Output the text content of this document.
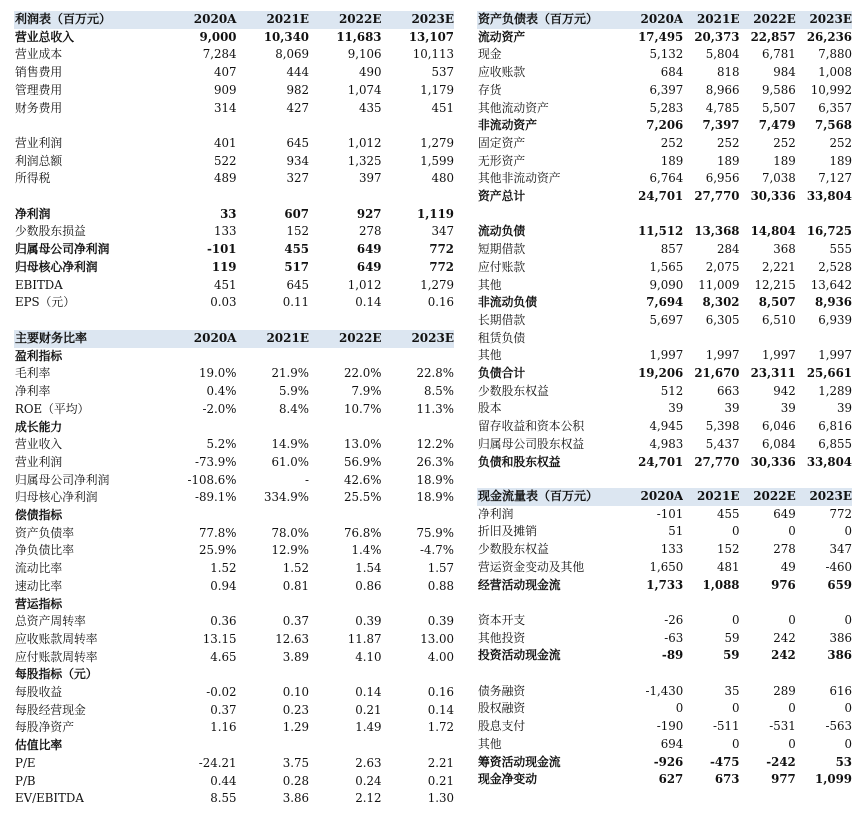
利润表（百万元）	2020A	2021E	2022E	2023E
营业总收入	9,000	10,340	11,683	13,107
营业成本	7,284	8,069	9,106	10,113
销售费用	407	444	490	537
管理费用	909	982	1,074	1,179
财务费用	314	427	435	451

营业利润	401	645	1,012	1,279
利润总额	522	934	1,325	1,599
所得税	489	327	397	480

净利润	33	607	927	1,119
少数股东损益	133	152	278	347
归属母公司净利润	-101	455	649	772
归母核心净利润	119	517	649	772
EBITDA	451	645	1,012	1,279
EPS（元）	0.03	0.11	0.14	0.16
主要财务比率	2020A	2021E	2022E	2023E
盈利指标				
毛利率	19.0%	21.9%	22.0%	22.8%
净利率	0.4%	5.9%	7.9%	8.5%
ROE（平均）	-2.0%	8.4%	10.7%	11.3%
成长能力				
营业收入	5.2%	14.9%	13.0%	12.2%
营业利润	-73.9%	61.0%	56.9%	26.3%
归属母公司净利润	-108.6%	-	42.6%	18.9%
归母核心净利润	-89.1%	334.9%	25.5%	18.9%
偿债指标				
资产负债率	77.8%	78.0%	76.8%	75.9%
净负债比率	25.9%	12.9%	1.4%	-4.7%
流动比率	1.52	1.52	1.54	1.57
速动比率	0.94	0.81	0.86	0.88
营运指标				
总资产周转率	0.36	0.37	0.39	0.39
应收账款周转率	13.15	12.63	11.87	13.00
应付账款周转率	4.65	3.89	4.10	4.00
每股指标（元）				
每股收益	-0.02	0.10	0.14	0.16
每股经营现金	0.37	0.23	0.21	0.14
每股净资产	1.16	1.29	1.49	1.72
估值比率				
P/E	-24.21	3.75	2.63	2.21
P/B	0.44	0.28	0.24	0.21
EV/EBITDA	8.55	3.86	2.12	1.30
资产负债表（百万元）	2020A	2021E	2022E	2023E
流动资产	17,495	20,373	22,857	26,236
现金	5,132	5,804	6,781	7,880
应收账款	684	818	984	1,008
存货	6,397	8,966	9,586	10,992
其他流动资产	5,283	4,785	5,507	6,357
非流动资产	7,206	7,397	7,479	7,568
固定资产	252	252	252	252
无形资产	189	189	189	189
其他非流动资产	6,764	6,956	7,038	7,127
资产总计	24,701	27,770	30,336	33,804

流动负债	11,512	13,368	14,804	16,725
短期借款	857	284	368	555
应付账款	1,565	2,075	2,221	2,528
其他	9,090	11,009	12,215	13,642
非流动负债	7,694	8,302	8,507	8,936
长期借款	5,697	6,305	6,510	6,939
租赁负债				
其他	1,997	1,997	1,997	1,997
负债合计	19,206	21,670	23,311	25,661
少数股东权益	512	663	942	1,289
股本	39	39	39	39
留存收益和资本公积	4,945	5,398	6,046	6,816
归属母公司股东权益	4,983	5,437	6,084	6,855
负债和股东权益	24,701	27,770	30,336	33,804
现金流量表（百万元）	2020A	2021E	2022E	2023E
净利润	-101	455	649	772
折旧及摊销	51	0	0	0
少数股东权益	133	152	278	347
营运资金变动及其他	1,650	481	49	-460
经营活动现金流	1,733	1,088	976	659

资本开支	-26	0	0	0
其他投资	-63	59	242	386
投资活动现金流	-89	59	242	386

债务融资	-1,430	35	289	616
股权融资	0	0	0	0
股息支付	-190	-511	-531	-563
其他	694	0	0	0
筹资活动现金流	-926	-475	-242	53
现金净变动	627	673	977	1,099
